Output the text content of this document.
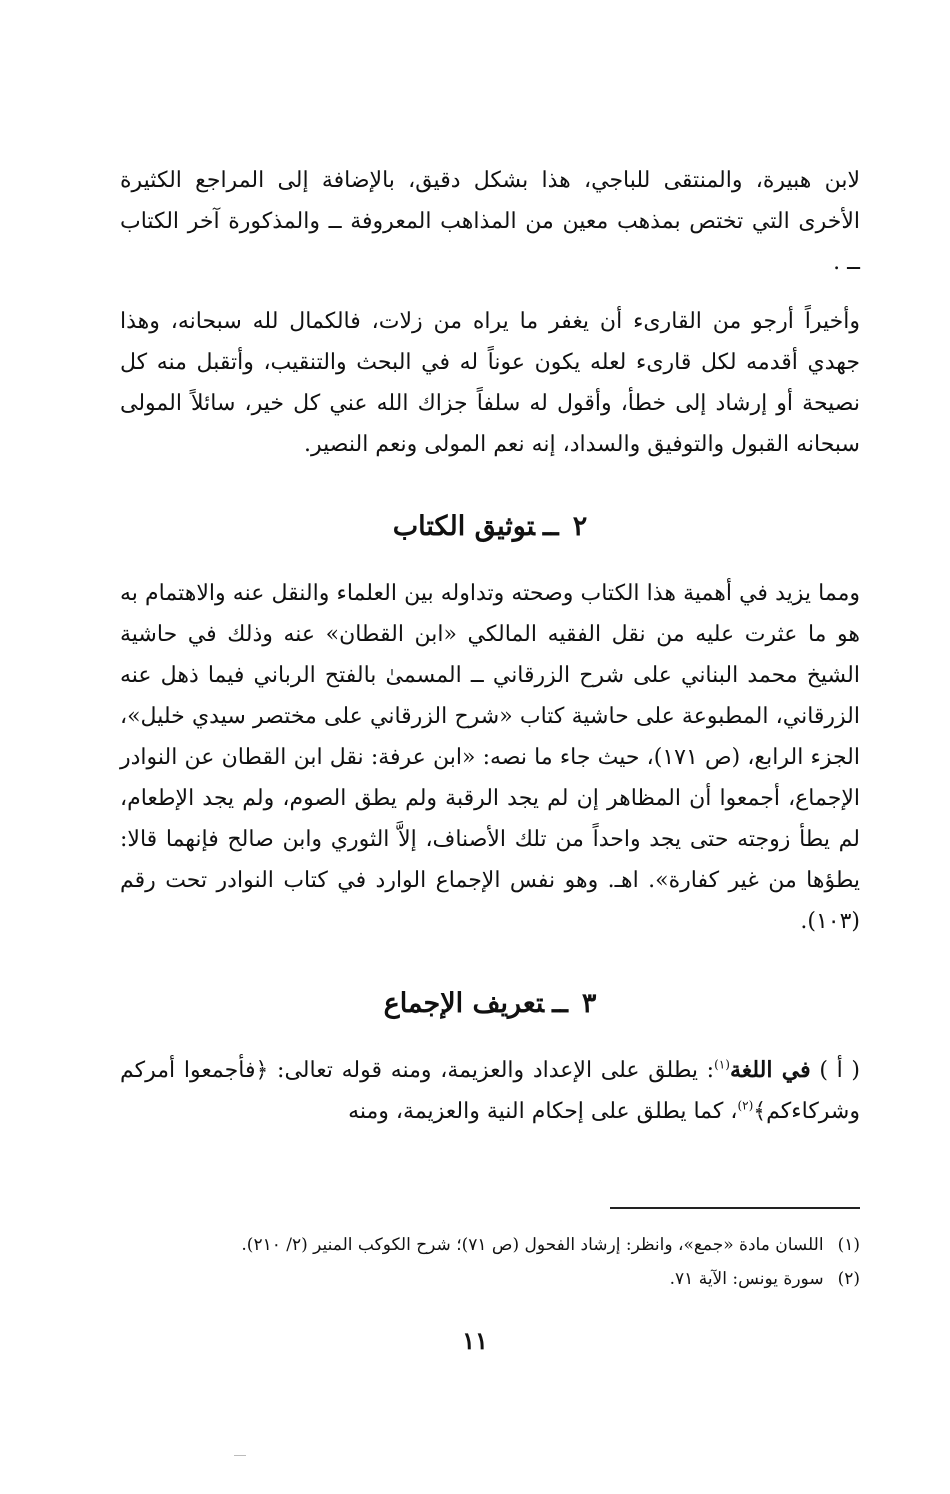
لابن هبيرة، والمنتقى للباجي، هذا بشكل دقيق، بالإضافة إلى المراجع الكثيرة الأخرى التي تختص بمذهب معين من المذاهب المعروفة ــ والمذكورة آخر الكتاب ــ .

وأخيراً أرجو من القارىء أن يغفر ما يراه من زلات، فالكمال لله سبحانه، وهذا جهدي أقدمه لكل قارىء لعله يكون عوناً له في البحث والتنقيب، وأتقبل منه كل نصيحة أو إرشاد إلى خطأ، وأقول له سلفاً جزاك الله عني كل خير، سائلاً المولى سبحانه القبول والتوفيق والسداد، إنه نعم المولى ونعم النصير.

٢ــتوثيق الكتاب

ومما يزيد في أهمية هذا الكتاب وصحته وتداوله بين العلماء والنقل عنه والاهتمام به هو ما عثرت عليه من نقل الفقيه المالكي «ابن القطان» عنه وذلك في حاشية الشيخ محمد البناني على شرح الزرقاني ــ المسمىٰ بالفتح الرباني فيما ذهل عنه الزرقاني، المطبوعة على حاشية كتاب «شرح الزرقاني على مختصر سيدي خليل»، الجزء الرابع، (ص ١٧١)، حيث جاء ما نصه: «ابن عرفة: نقل ابن القطان عن النوادر الإجماع، أجمعوا أن المظاهر إن لم يجد الرقبة ولم يطق الصوم، ولم يجد الإطعام، لم يطأ زوجته حتى يجد واحداً من تلك الأصناف، إلاَّ الثوري وابن صالح فإنهما قالا: يطؤها من غير كفارة». اهـ. وهو نفس الإجماع الوارد في كتاب النوادر تحت رقم (١٠٣).

٣ــتعريف الإجماع

( أ ) في اللغة$^{(١)}$: يطلق على الإعداد والعزيمة، ومنه قوله تعالى: ﴿فأجمعوا أمركم وشركاءكم﴾$^{(٢)}$، كما يطلق على إحكام النية والعزيمة، ومنه

(١)اللسان مادة «جمع»، وانظر: إرشاد الفحول (ص ٧١)؛ شرح الكوكب المنير (٢/ ٢١٠).

(٢)سورة يونس: الآية ٧١.

١١
